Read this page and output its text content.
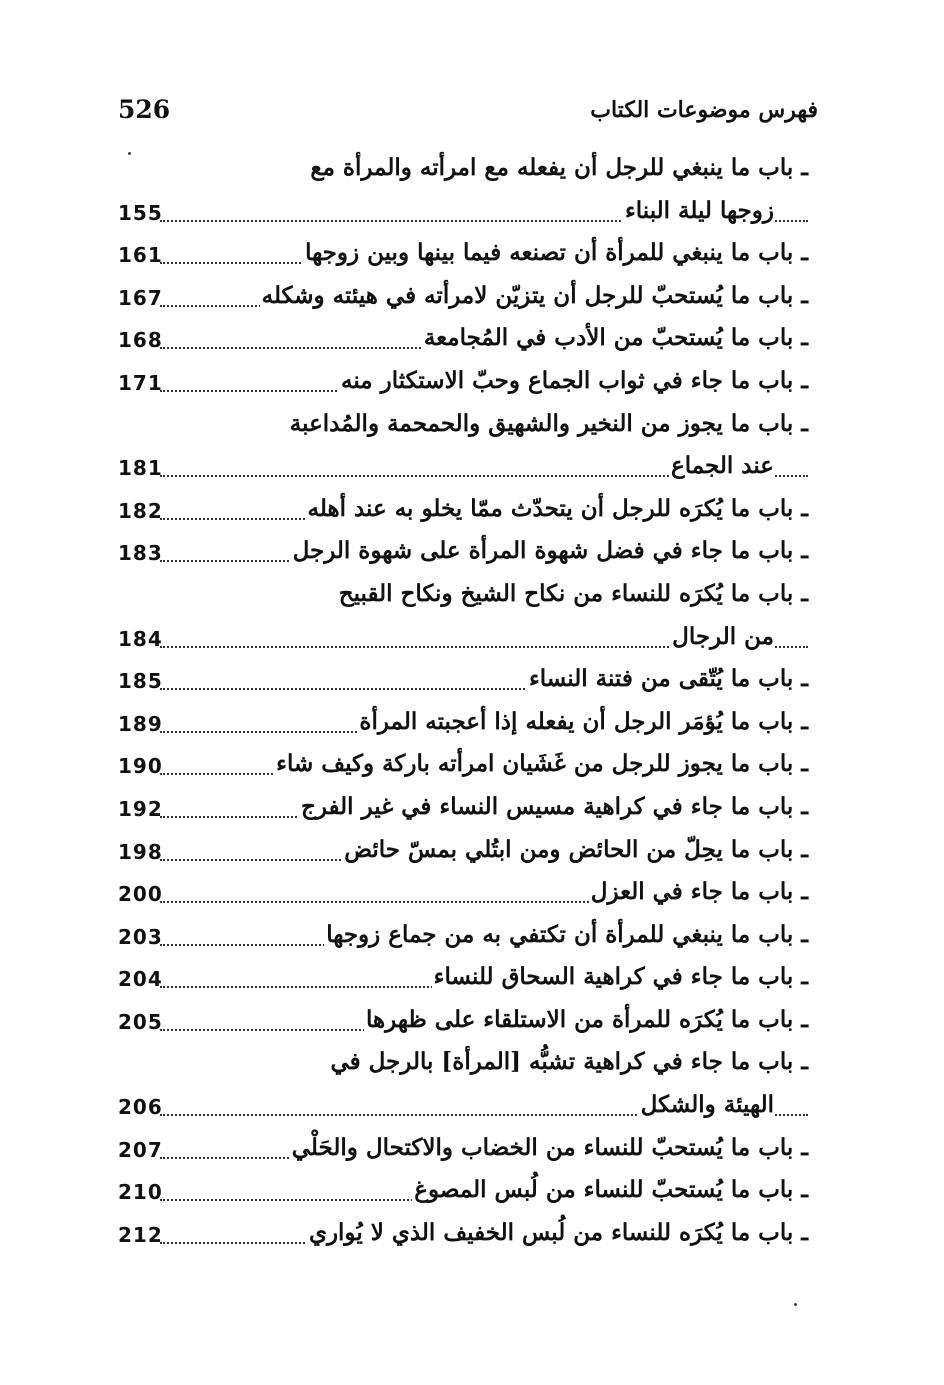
526	فهرس موضوعات الكتاب
ـ باب ما ينبغي للرجل أن يفعله مع امرأته والمرأة مع
زوجها ليلة البناء
155
ـ باب ما ينبغي للمرأة أن تصنعه فيما بينها وبين زوجها
161
ـ باب ما يُستحبّ للرجل أن يتزيّن لامرأته في هيئته وشكله
167
ـ باب ما يُستحبّ من الأدب في المُجامعة
168
ـ باب ما جاء في ثواب الجماع وحبّ الاستكثار منه
171
ـ باب ما يجوز من النخير والشهيق والحمحمة والمُداعبة
عند الجماع
181
ـ باب ما يُكرَه للرجل أن يتحدّث ممّا يخلو به عند أهله
182
ـ باب ما جاء في فضل شهوة المرأة على شهوة الرجل
183
ـ باب ما يُكرَه للنساء من نكاح الشيخ ونكاح القبيح
من الرجال
184
ـ باب ما يُتّقى من فتنة النساء
185
ـ باب ما يُؤمَر الرجل أن يفعله إذا أعجبته المرأة
189
ـ باب ما يجوز للرجل من غَشَيان امرأته باركة وكيف شاء
190
ـ باب ما جاء في كراهية مسيس النساء في غير الفرج
192
ـ باب ما يحِلّ من الحائض ومن ابتُلي بمسّ حائض
198
ـ باب ما جاء في العزل
200
ـ باب ما ينبغي للمرأة أن تكتفي به من جماع زوجها
203
ـ باب ما جاء في كراهية السحاق للنساء
204
ـ باب ما يُكرَه للمرأة من الاستلقاء على ظهرها
205
ـ باب ما جاء في كراهية تشبُّه [المرأة] بالرجل في
الهيئة والشكل
206
ـ باب ما يُستحبّ للنساء من الخضاب والاكتحال والحَلْي
207
ـ باب ما يُستحبّ للنساء من لُبس المصوغ
210
ـ باب ما يُكرَه للنساء من لُبس الخفيف الذي لا يُواري
212
